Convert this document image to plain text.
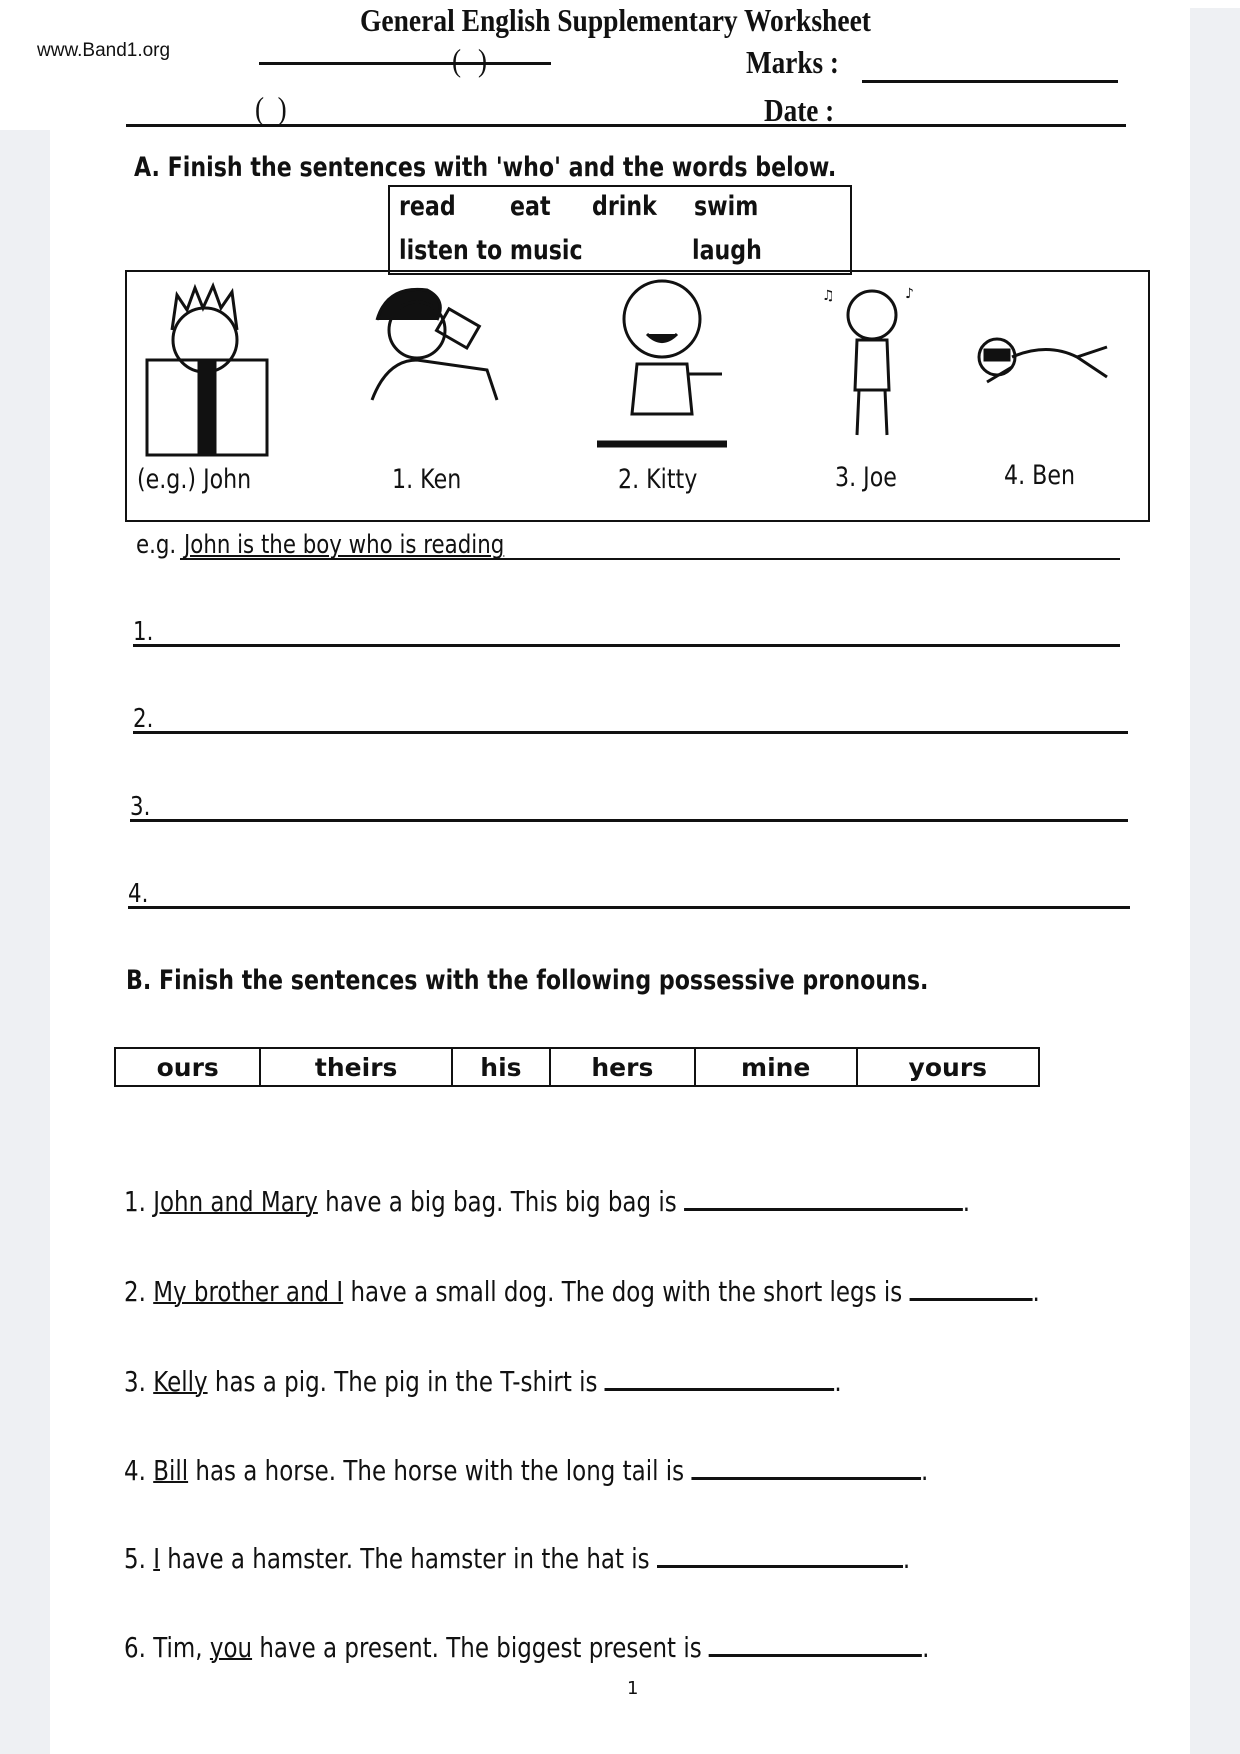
www.Band1.org
General English Supplementary Worksheet
( )	Marks :
( )	Date :
A. Finish the sentences with 'who' and the words below.
read eat drink swim
listen to music	laugh
♫	♪
(e.g.) John	1. Ken	2. Kitty	3. Joe	4. Ben
e.g. John is the boy who is reading
1.
2.
3.
4.
B. Finish the sentences with the following possessive pronouns.
ours	theirs	his	hers	mine	yours
1. John and Mary have a big bag. This big bag is	.
2. My brother and I have a small dog. The dog with the short legs is	.
3. Kelly has a pig. The pig in the T-shirt is	.
4. Bill has a horse. The horse with the long tail is	.
5. I have a hamster. The hamster in the hat is	.
6. Tim, you have a present. The biggest present is	.
1
